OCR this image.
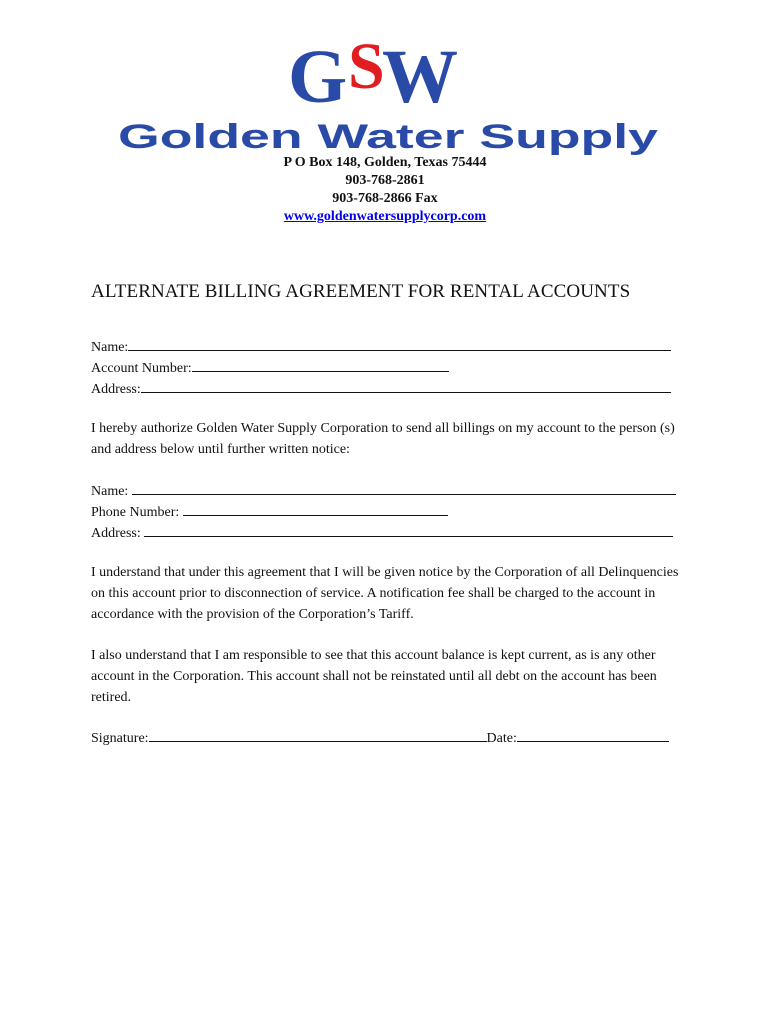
G S
W
Golden Water Supply
P O Box 148, Golden, Texas 75444
903-768-2861
903-768-2866 Fax
www.goldenwatersupplycorp.com
ALTERNATE BILLING AGREEMENT FOR RENTAL ACCOUNTS
Name:
Account Number:
Address:
I hereby authorize Golden Water Supply Corporation to send all billings on my account to the person (s) and address below until further written notice:
Name:
Phone Number:
Address:
I understand that under this agreement that I will be given notice by the Corporation of all Delinquencies on this account prior to disconnection of service. A notification fee shall be charged to the account in accordance with the provision of the Corporation’s Tariff.
I also understand that I am responsible to see that this account balance is kept current, as is any other account in the Corporation. This account shall not be reinstated until all debt on the account has been retired.
Signature:	Date:
